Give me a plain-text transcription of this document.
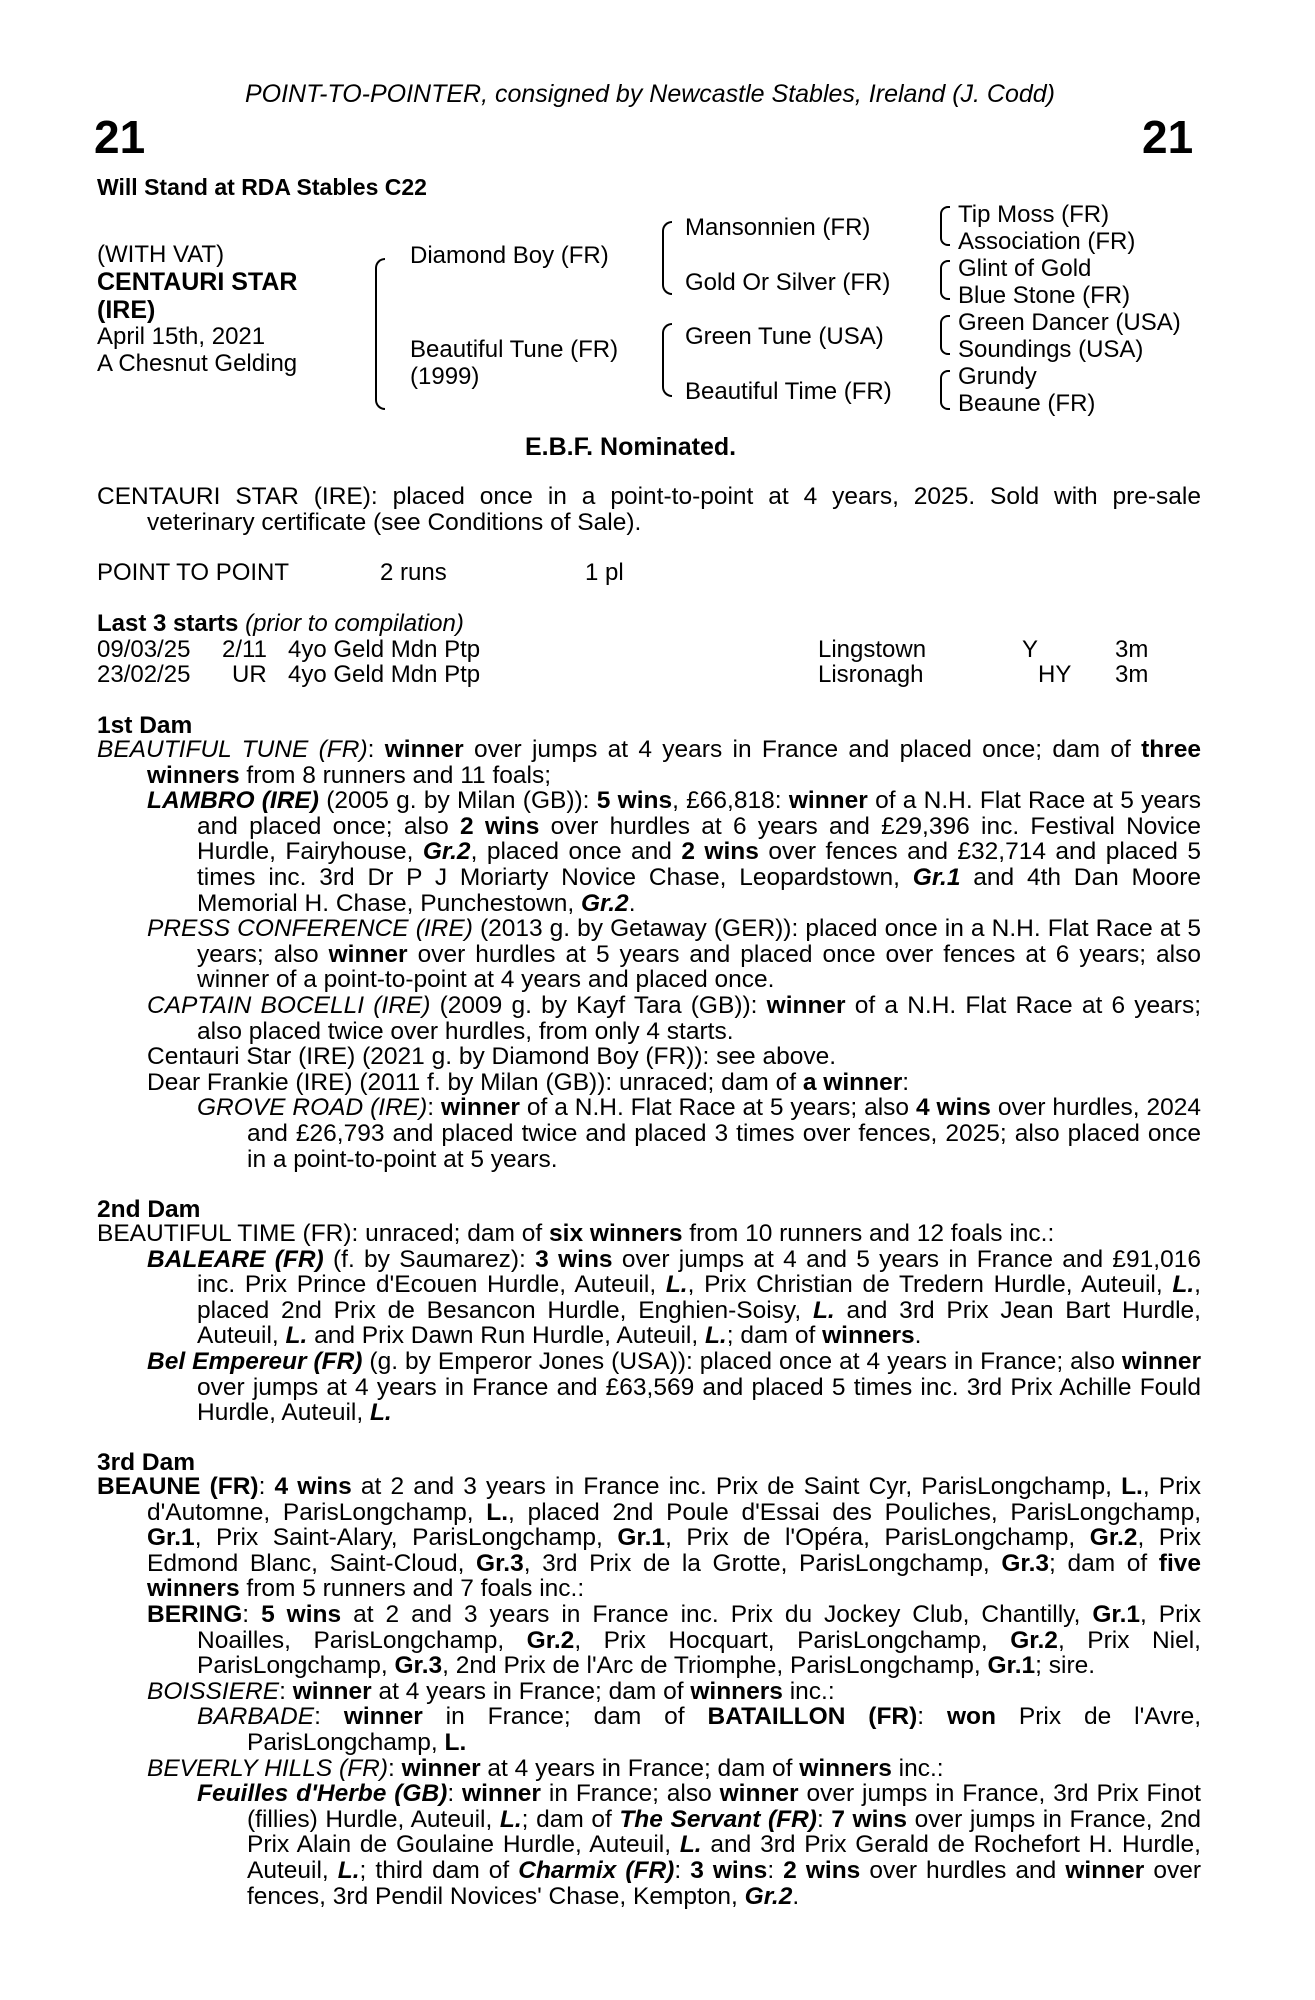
POINT-TO-POINTER, consigned by Newcastle Stables, Ireland (J. Codd)
21	21
Will Stand at RDA Stables C22
(WITH VAT)
CENTAURI STAR
(IRE)
April 15th, 2021
A Chesnut Gelding
Diamond Boy (FR)
Beautiful Tune (FR)
(1999)
Mansonnien (FR)
Gold Or Silver (FR)
Green Tune (USA)
Beautiful Time (FR)
Tip Moss (FR)
Association (FR)
Glint of Gold
Blue Stone (FR)
Green Dancer (USA)
Soundings (USA)
Grundy
Beaune (FR)
E.B.F. Nominated.
CENTAURI STAR (IRE): placed once in a point-to-point at 4 years, 2025. Sold with pre-sale veterinary certificate (see Conditions of Sale).
POINT TO POINT	2 runs	1 pl
Last 3 starts (prior to compilation)
09/03/25 2/11 4yo Geld Mdn Ptp	Lingstown	Y	3m
23/02/25 UR 4yo Geld Mdn Ptp	Lisronagh	HY 3m
1st Dam

BEAUTIFUL TUNE (FR): winner over jumps at 4 years in France and placed once; dam of three winners from 8 runners and 11 foals;

LAMBRO (IRE) (2005 g. by Milan (GB)): 5 wins, £66,818: winner of a N.H. Flat Race at 5 years and placed once; also 2 wins over hurdles at 6 years and £29,396 inc. Festival Novice Hurdle, Fairyhouse, Gr.2, placed once and 2 wins over fences and £32,714 and placed 5 times inc. 3rd Dr P J Moriarty Novice Chase, Leopardstown, Gr.1 and 4th Dan Moore Memorial H. Chase, Punchestown, Gr.2.

PRESS CONFERENCE (IRE) (2013 g. by Getaway (GER)): placed once in a N.H. Flat Race at 5 years; also winner over hurdles at 5 years and placed once over fences at 6 years; also winner of a point-to-point at 4 years and placed once.

CAPTAIN BOCELLI (IRE) (2009 g. by Kayf Tara (GB)): winner of a N.H. Flat Race at 6 years; also placed twice over hurdles, from only 4 starts.

Centauri Star (IRE) (2021 g. by Diamond Boy (FR)): see above.

Dear Frankie (IRE) (2011 f. by Milan (GB)): unraced; dam of a winner:

GROVE ROAD (IRE): winner of a N.H. Flat Race at 5 years; also 4 wins over hurdles, 2024 and £26,793 and placed twice and placed 3 times over fences, 2025; also placed once in a point-to-point at 5 years.

2nd Dam

BEAUTIFUL TIME (FR): unraced; dam of six winners from 10 runners and 12 foals inc.:

BALEARE (FR) (f. by Saumarez): 3 wins over jumps at 4 and 5 years in France and £91,016 inc. Prix Prince d'Ecouen Hurdle, Auteuil, L., Prix Christian de Tredern Hurdle, Auteuil, L., placed 2nd Prix de Besancon Hurdle, Enghien-Soisy, L. and 3rd Prix Jean Bart Hurdle, Auteuil, L. and Prix Dawn Run Hurdle, Auteuil, L.; dam of winners.

Bel Empereur (FR) (g. by Emperor Jones (USA)): placed once at 4 years in France; also winner over jumps at 4 years in France and £63,569 and placed 5 times inc. 3rd Prix Achille Fould Hurdle, Auteuil, L.

3rd Dam

BEAUNE (FR): 4 wins at 2 and 3 years in France inc. Prix de Saint Cyr, ParisLongchamp, L., Prix d'Automne, ParisLongchamp, L., placed 2nd Poule d'Essai des Pouliches, ParisLongchamp, Gr.1, Prix Saint-Alary, ParisLongchamp, Gr.1, Prix de l'Opéra, ParisLongchamp, Gr.2, Prix Edmond Blanc, Saint-Cloud, Gr.3, 3rd Prix de la Grotte, ParisLongchamp, Gr.3; dam of five winners from 5 runners and 7 foals inc.:

BERING: 5 wins at 2 and 3 years in France inc. Prix du Jockey Club, Chantilly, Gr.1, Prix Noailles, ParisLongchamp, Gr.2, Prix Hocquart, ParisLongchamp, Gr.2, Prix Niel, ParisLongchamp, Gr.3, 2nd Prix de l'Arc de Triomphe, ParisLongchamp, Gr.1; sire.

BOISSIERE: winner at 4 years in France; dam of winners inc.:

BARBADE: winner in France; dam of BATAILLON (FR): won Prix de l'Avre, ParisLongchamp, L.

BEVERLY HILLS (FR): winner at 4 years in France; dam of winners inc.:

Feuilles d'Herbe (GB): winner in France; also winner over jumps in France, 3rd Prix Finot (fillies) Hurdle, Auteuil, L.; dam of The Servant (FR): 7 wins over jumps in France, 2nd Prix Alain de Goulaine Hurdle, Auteuil, L. and 3rd Prix Gerald de Rochefort H. Hurdle, Auteuil, L.; third dam of Charmix (FR): 3 wins: 2 wins over hurdles and winner over fences, 3rd Pendil Novices' Chase, Kempton, Gr.2.
